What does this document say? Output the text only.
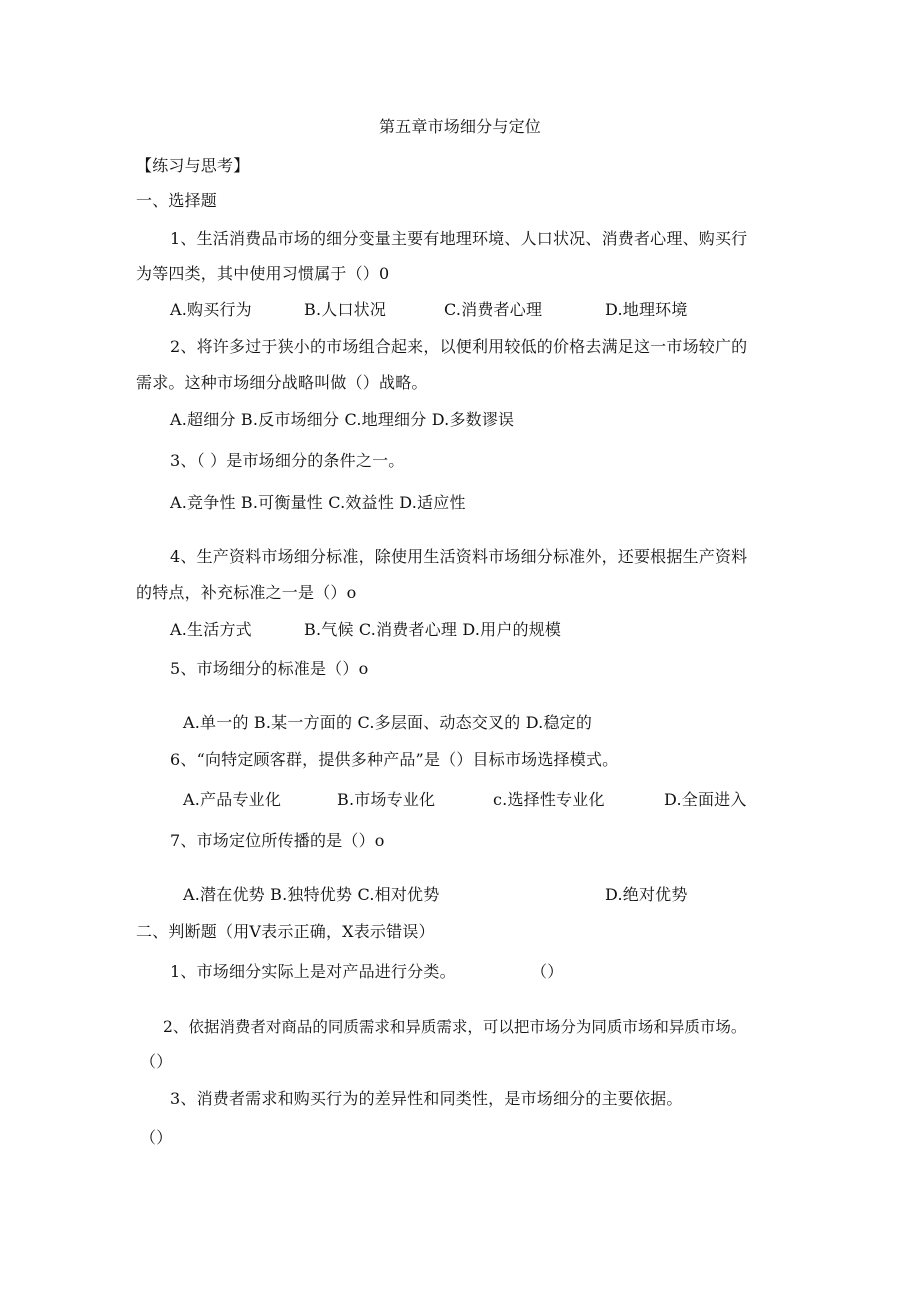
第五章市场细分与定位
【练习与思考】
一、选择题
1、生活消费品市场的细分变量主要有地理环境、人口状况、消费者心理、购买行
为等四类，其中使用习惯属于（）0
A.购买行为	B.人口状况	C.消费者心理	D.地理环境
2、将许多过于狭小的市场组合起来，以便利用较低的价格去满足这一市场较广的
需求。这种市场细分战略叫做（）战略。
A.超细分 B.反市场细分 C.地理细分 D.多数谬误
3、（ ）是市场细分的条件之一。
A.竞争性 B.可衡量性 C.效益性 D.适应性
4、生产资料市场细分标准，除使用生活资料市场细分标准外，还要根据生产资料
的特点，补充标准之一是（）o
A.生活方式	B.气候 C.消费者心理 D.用户的规模
5、市场细分的标准是（）o
A.单一的 B.某一方面的 C.多层面、动态交叉的 D.稳定的
6、“向特定顾客群，提供多种产品”是（）目标市场选择模式。
A.产品专业化	B.市场专业化	c.选择性专业化	D.全面进入
7、市场定位所传播的是（）o
A.潜在优势 B.独特优势 C.相对优势	D.绝对优势
二、判断题（用V表示正确，X表示错误）
1、市场细分实际上是对产品进行分类。	（）
2、依据消费者对商品的同质需求和异质需求，可以把市场分为同质市场和异质市场。
（）
3、消费者需求和购买行为的差异性和同类性，是市场细分的主要依据。
（）
